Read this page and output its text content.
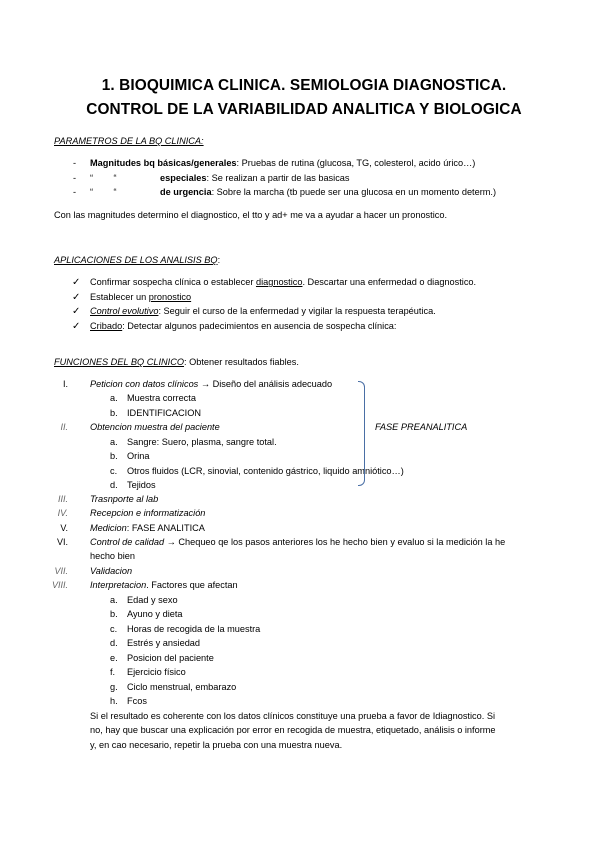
1. BIOQUIMICA CLINICA. SEMIOLOGIA DIAGNOSTICA.
CONTROL DE LA VARIABILIDAD ANALITICA Y BIOLOGICA
PARAMETROS DE LA BQ CLINICA:
- Magnitudes bq básicas/generales: Pruebas de rutina (glucosa, TG, colesterol, acido úrico…)
- “        “	especiales: Se realizan a partir de las basicas
- “        “	de urgencia: Sobre la marcha (tb puede ser una glucosa en un momento determ.)
Con las magnitudes determino el diagnostico, el tto y ad+ me va a ayudar a hacer un pronostico.
APLICACIONES DE LOS ANALISIS BQ:
✓ Confirmar sospecha clínica o establecer diagnostico. Descartar una enfermedad o diagnostico.
✓ Establecer un pronostico
✓ Control evolutivo: Seguir el curso de la enfermedad y vigilar la respuesta terapéutica.
✓ Cribado: Detectar algunos padecimientos en ausencia de sospecha clínica:
FUNCIONES DEL BQ CLINICO: Obtener resultados fiables.
I. Peticion con datos clínicos → Diseño del análisis adecuado
a. Muestra correcta
b. IDENTIFICACION
II. Obtencion muestra del paciente
a. Sangre: Suero, plasma, sangre total.
b. Orina
c. Otros fluidos (LCR, sinovial, contenido gástrico, liquido amniótico…)
d. Tejidos
FASE PREANALITICA
III. Trasnporte al lab
IV. Recepcion e informatización
V. Medicion: FASE ANALITICA
VI. Control de calidad → Chequeo qe los pasos anteriores los he hecho bien y evaluo si la medición la he
hecho bien
VII. Validacion
VIII. Interpretacion. Factores que afectan
a. Edad y sexo
b. Ayuno y dieta
c. Horas de recogida de la muestra
d. Estrés y ansiedad
e. Posicion del paciente
f. Ejercicio físico
g. Ciclo menstrual, embarazo
h. Fcos
Si el resultado es coherente con los datos clínicos constituye una prueba a favor de Idiagnostico. Si
no, hay que buscar una explicación por error en recogida de muestra, etiquetado, análisis o informe
y, en cao necesario, repetir la prueba con una muestra nueva.
